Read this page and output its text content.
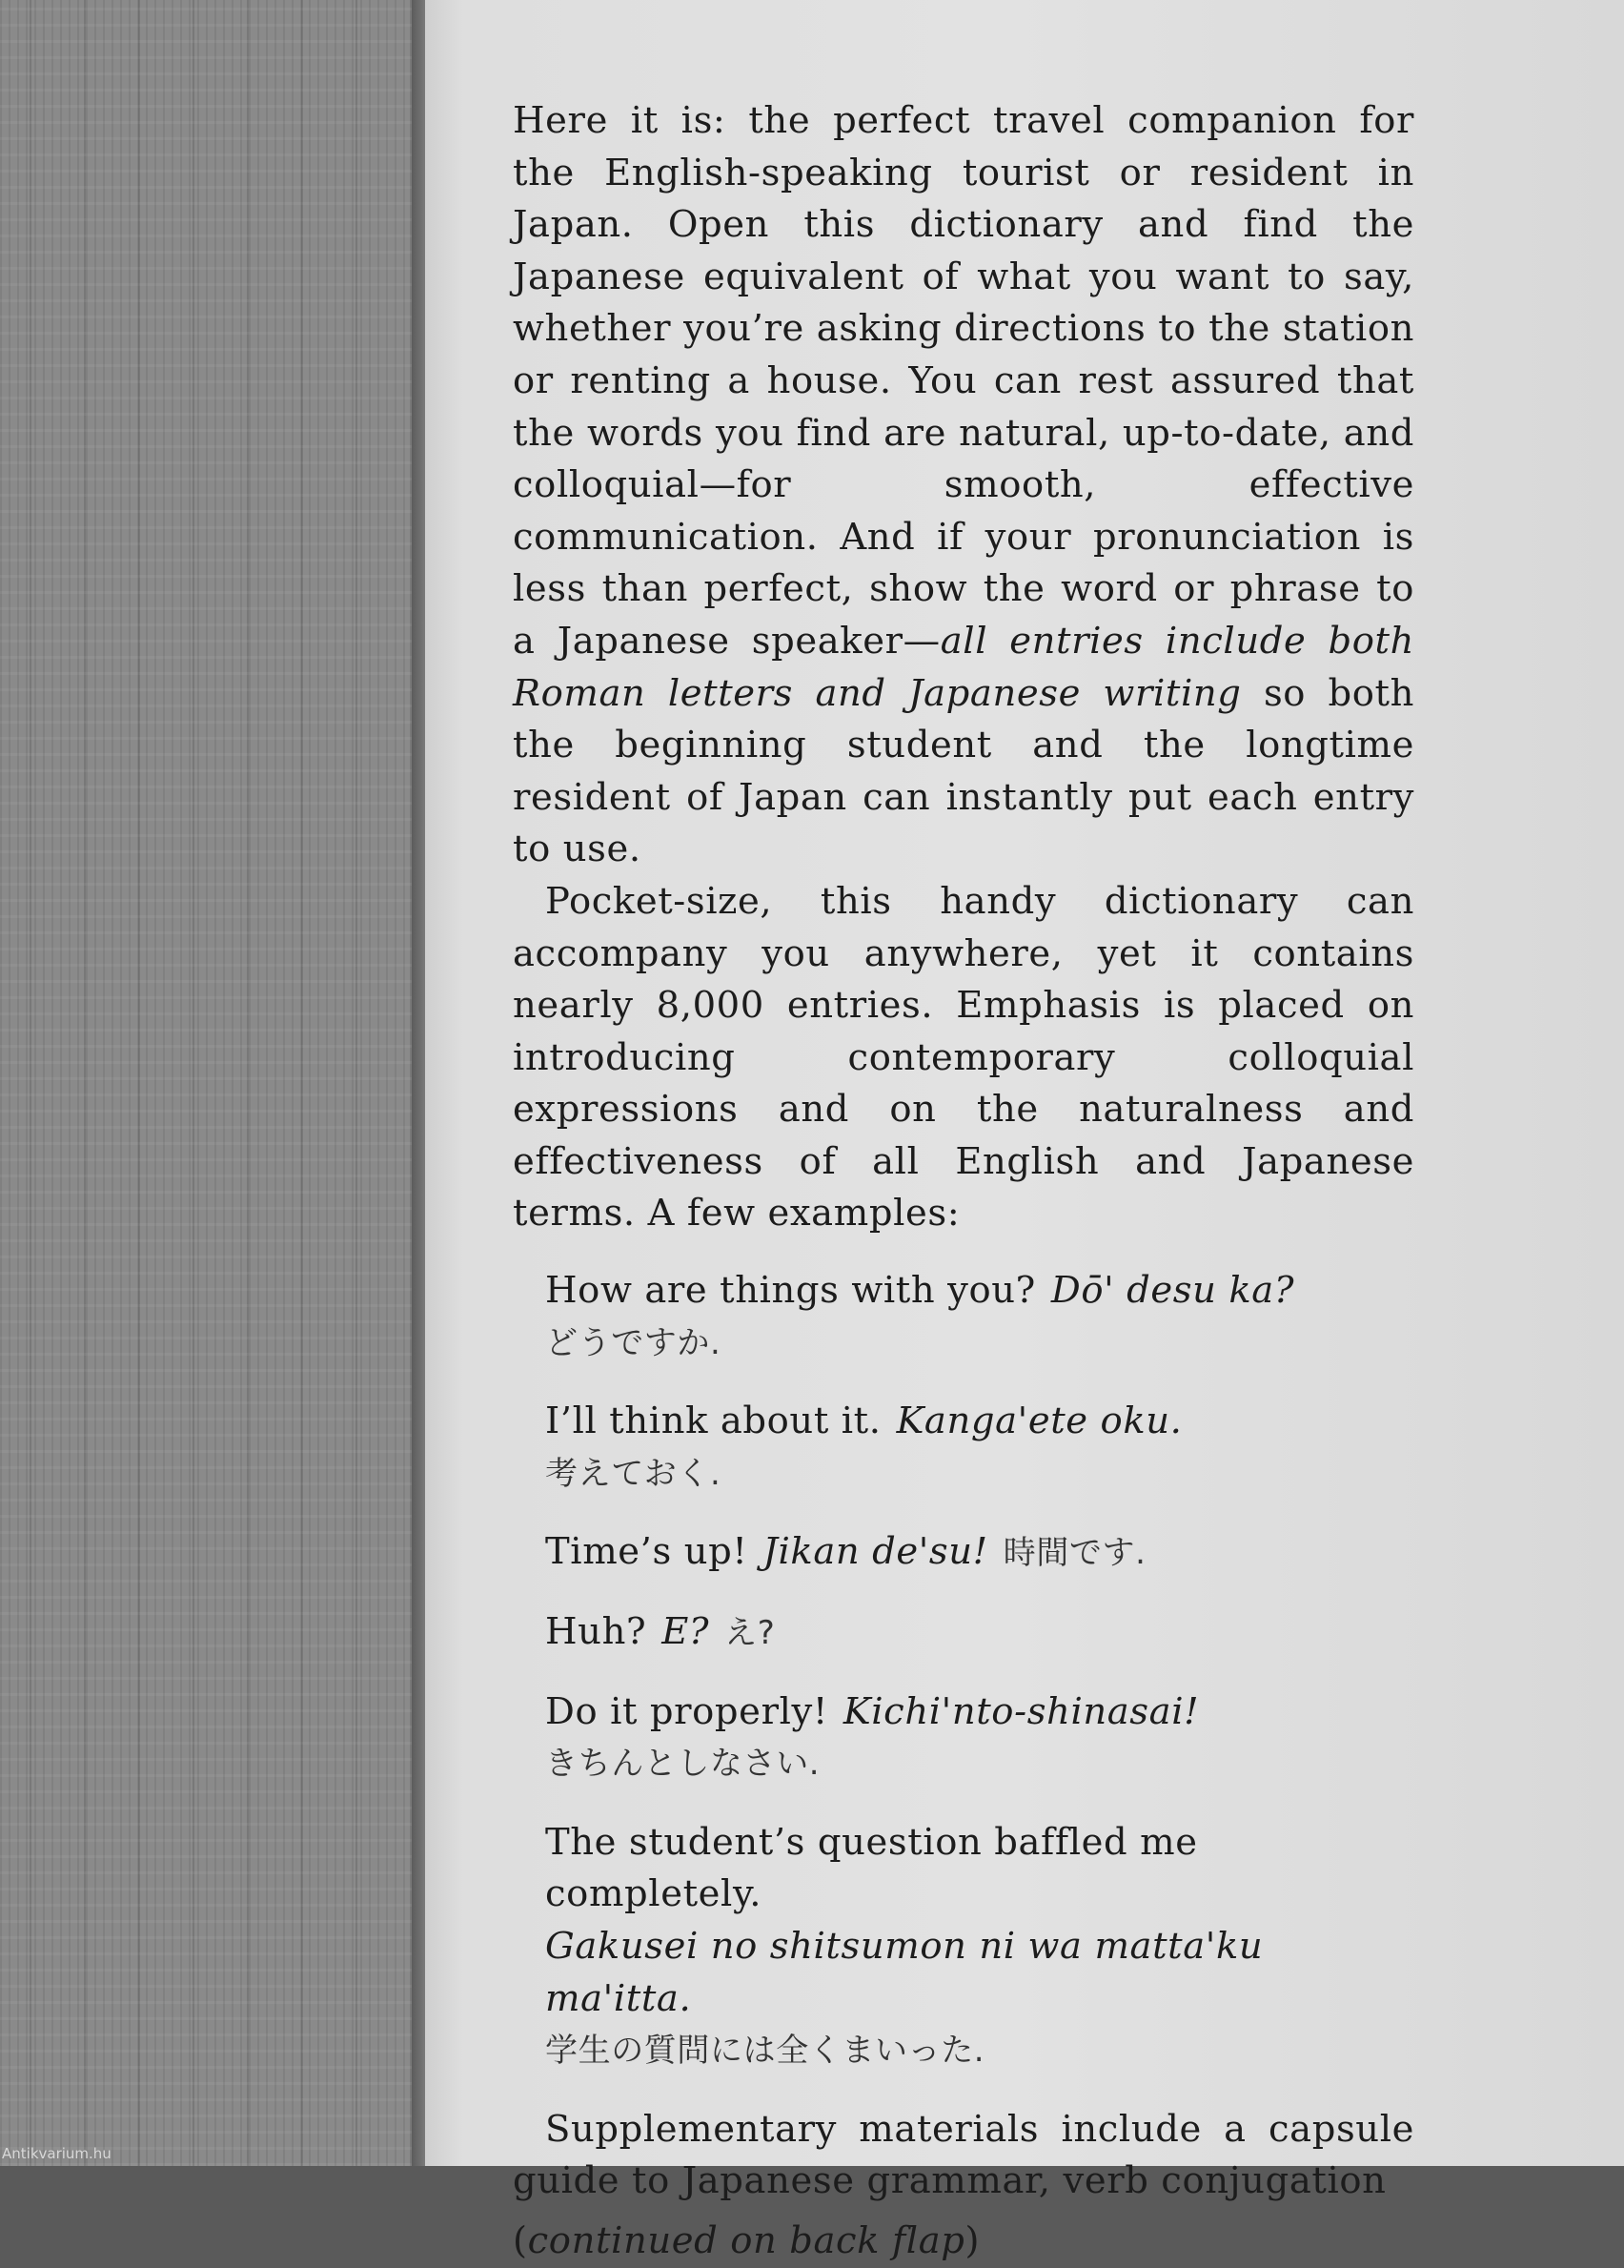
Antikvarium.hu

Here it is: the perfect travel companion for the English-speaking tourist or resident in Japan. Open this dictionary and find the Japanese equivalent of what you want to say, whether you’re asking directions to the station or renting a house. You can rest assured that the words you find are natural, up-to-date, and colloquial—for smooth, effective communication. And if your pronunciation is less than perfect, show the word or phrase to a Japanese speaker—all entries include both Roman letters and Japanese writing so both the beginning student and the longtime resident of Japan can instantly put each entry to use.

Pocket-size, this handy dictionary can accompany you anywhere, yet it contains nearly 8,000 entries. Emphasis is placed on introducing contemporary colloquial expressions and on the naturalness and effectiveness of all English and Japanese terms. A few examples:

How are things with you? Dō' desu ka?
どうですか.

I’ll think about it. Kanga'ete oku.
考えておく.

Time’s up! Jikan de'su! 時間です.

Huh? E? え?

Do it properly! Kichi'nto-shinasai!
きちんとしなさい.

The student’s question baffled me completely.
Gakusei no shitsumon ni wa matta'ku ma'itta.
学生の質問には全くまいった.

Supplementary materials include a capsule guide to Japanese grammar, verb conjugation

(continued on back flap)
